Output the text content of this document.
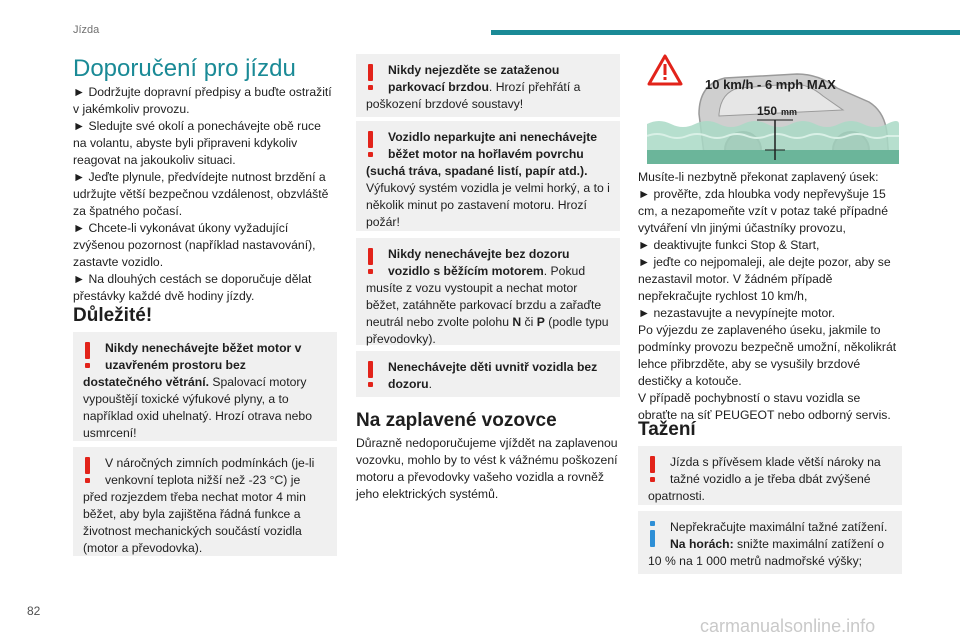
Jízda
Doporučení pro jízdu

► Dodržujte dopravní předpisy a buďte ostražití v jakémkoliv provozu.

► Sledujte své okolí a ponechávejte obě ruce na volantu, abyste byli připraveni kdykoliv reagovat na jakoukoliv situaci.

► Jeďte plynule, předvídejte nutnost brzdění a udržujte větší bezpečnou vzdálenost, obzvláště za špatného počasí.

► Chcete-li vykonávat úkony vyžadující zvýšenou pozornost (například nastavování), zastavte vozidlo.

► Na dlouhých cestách se doporučuje dělat přestávky každé dvě hodiny jízdy.

Důležité!
Nikdy nenechávejte běžet motor v uzavřeném prostoru bez dostatečného větrání. Spalovací motory vypouštějí toxické výfukové plyny, a to například oxid uhelnatý. Hrozí otrava nebo usmrcení!
V náročných zimních podmínkách (je-li venkovní teplota nižší než -23 °C) je před rozjezdem třeba nechat motor 4 min běžet, aby byla zajištěna řádná funkce a životnost mechanických součástí vozidla (motor a převodovka).
Nikdy nejezděte se zataženou parkovací brzdou. Hrozí přehřátí a poškození brzdové soustavy!
Vozidlo neparkujte ani nenechávejte běžet motor na hořlavém povrchu (suchá tráva, spadané listí, papír atd.). Výfukový systém vozidla je velmi horký, a to i několik minut po zastavení motoru. Hrozí požár!
Nikdy nenechávejte bez dozoru vozidlo s běžícím motorem. Pokud musíte z vozu vystoupit a nechat motor běžet, zatáhněte parkovací brzdu a zařaďte neutrál nebo zvolte polohu N či P (podle typu převodovky).
Nenechávejte děti uvnitř vozidla bez dozoru.
Na zaplavené vozovce

Důrazně nedoporučujeme vjíždět na zaplavenou vozovku, mohlo by to vést k vážnému poškození motoru a převodovky vašeho vozidla a rovněž jeho elektrických systémů.

10 km/h - 6 mph MAX
150 mm

Musíte-li nezbytně překonat zaplavený úsek:

► prověřte, zda hloubka vody nepřevyšuje 15 cm, a nezapomeňte vzít v potaz také případné vytváření vln jinými účastníky provozu,

► deaktivujte funkci Stop & Start,

► jeďte co nejpomaleji, ale dejte pozor, aby se nezastavil motor. V žádném případě nepřekračujte rychlost 10 km/h,

► nezastavujte a nevypínejte motor.

Po výjezdu ze zaplaveného úseku, jakmile to podmínky provozu bezpečně umožní, několikrát lehce přibrzděte, aby se vysušily brzdové destičky a kotouče.

V případě pochybností o stavu vozidla se obraťte na síť PEUGEOT nebo odborný servis.

Tažení
Jízda s přívěsem klade větší nároky na tažné vozidlo a je třeba dbát zvýšené opatrnosti.
Nepřekračujte maximální tažné zatížení. Na horách: snižte maximální zatížení o 10 % na 1 000 metrů nadmořské výšky;
82
carmanualsonline.info
